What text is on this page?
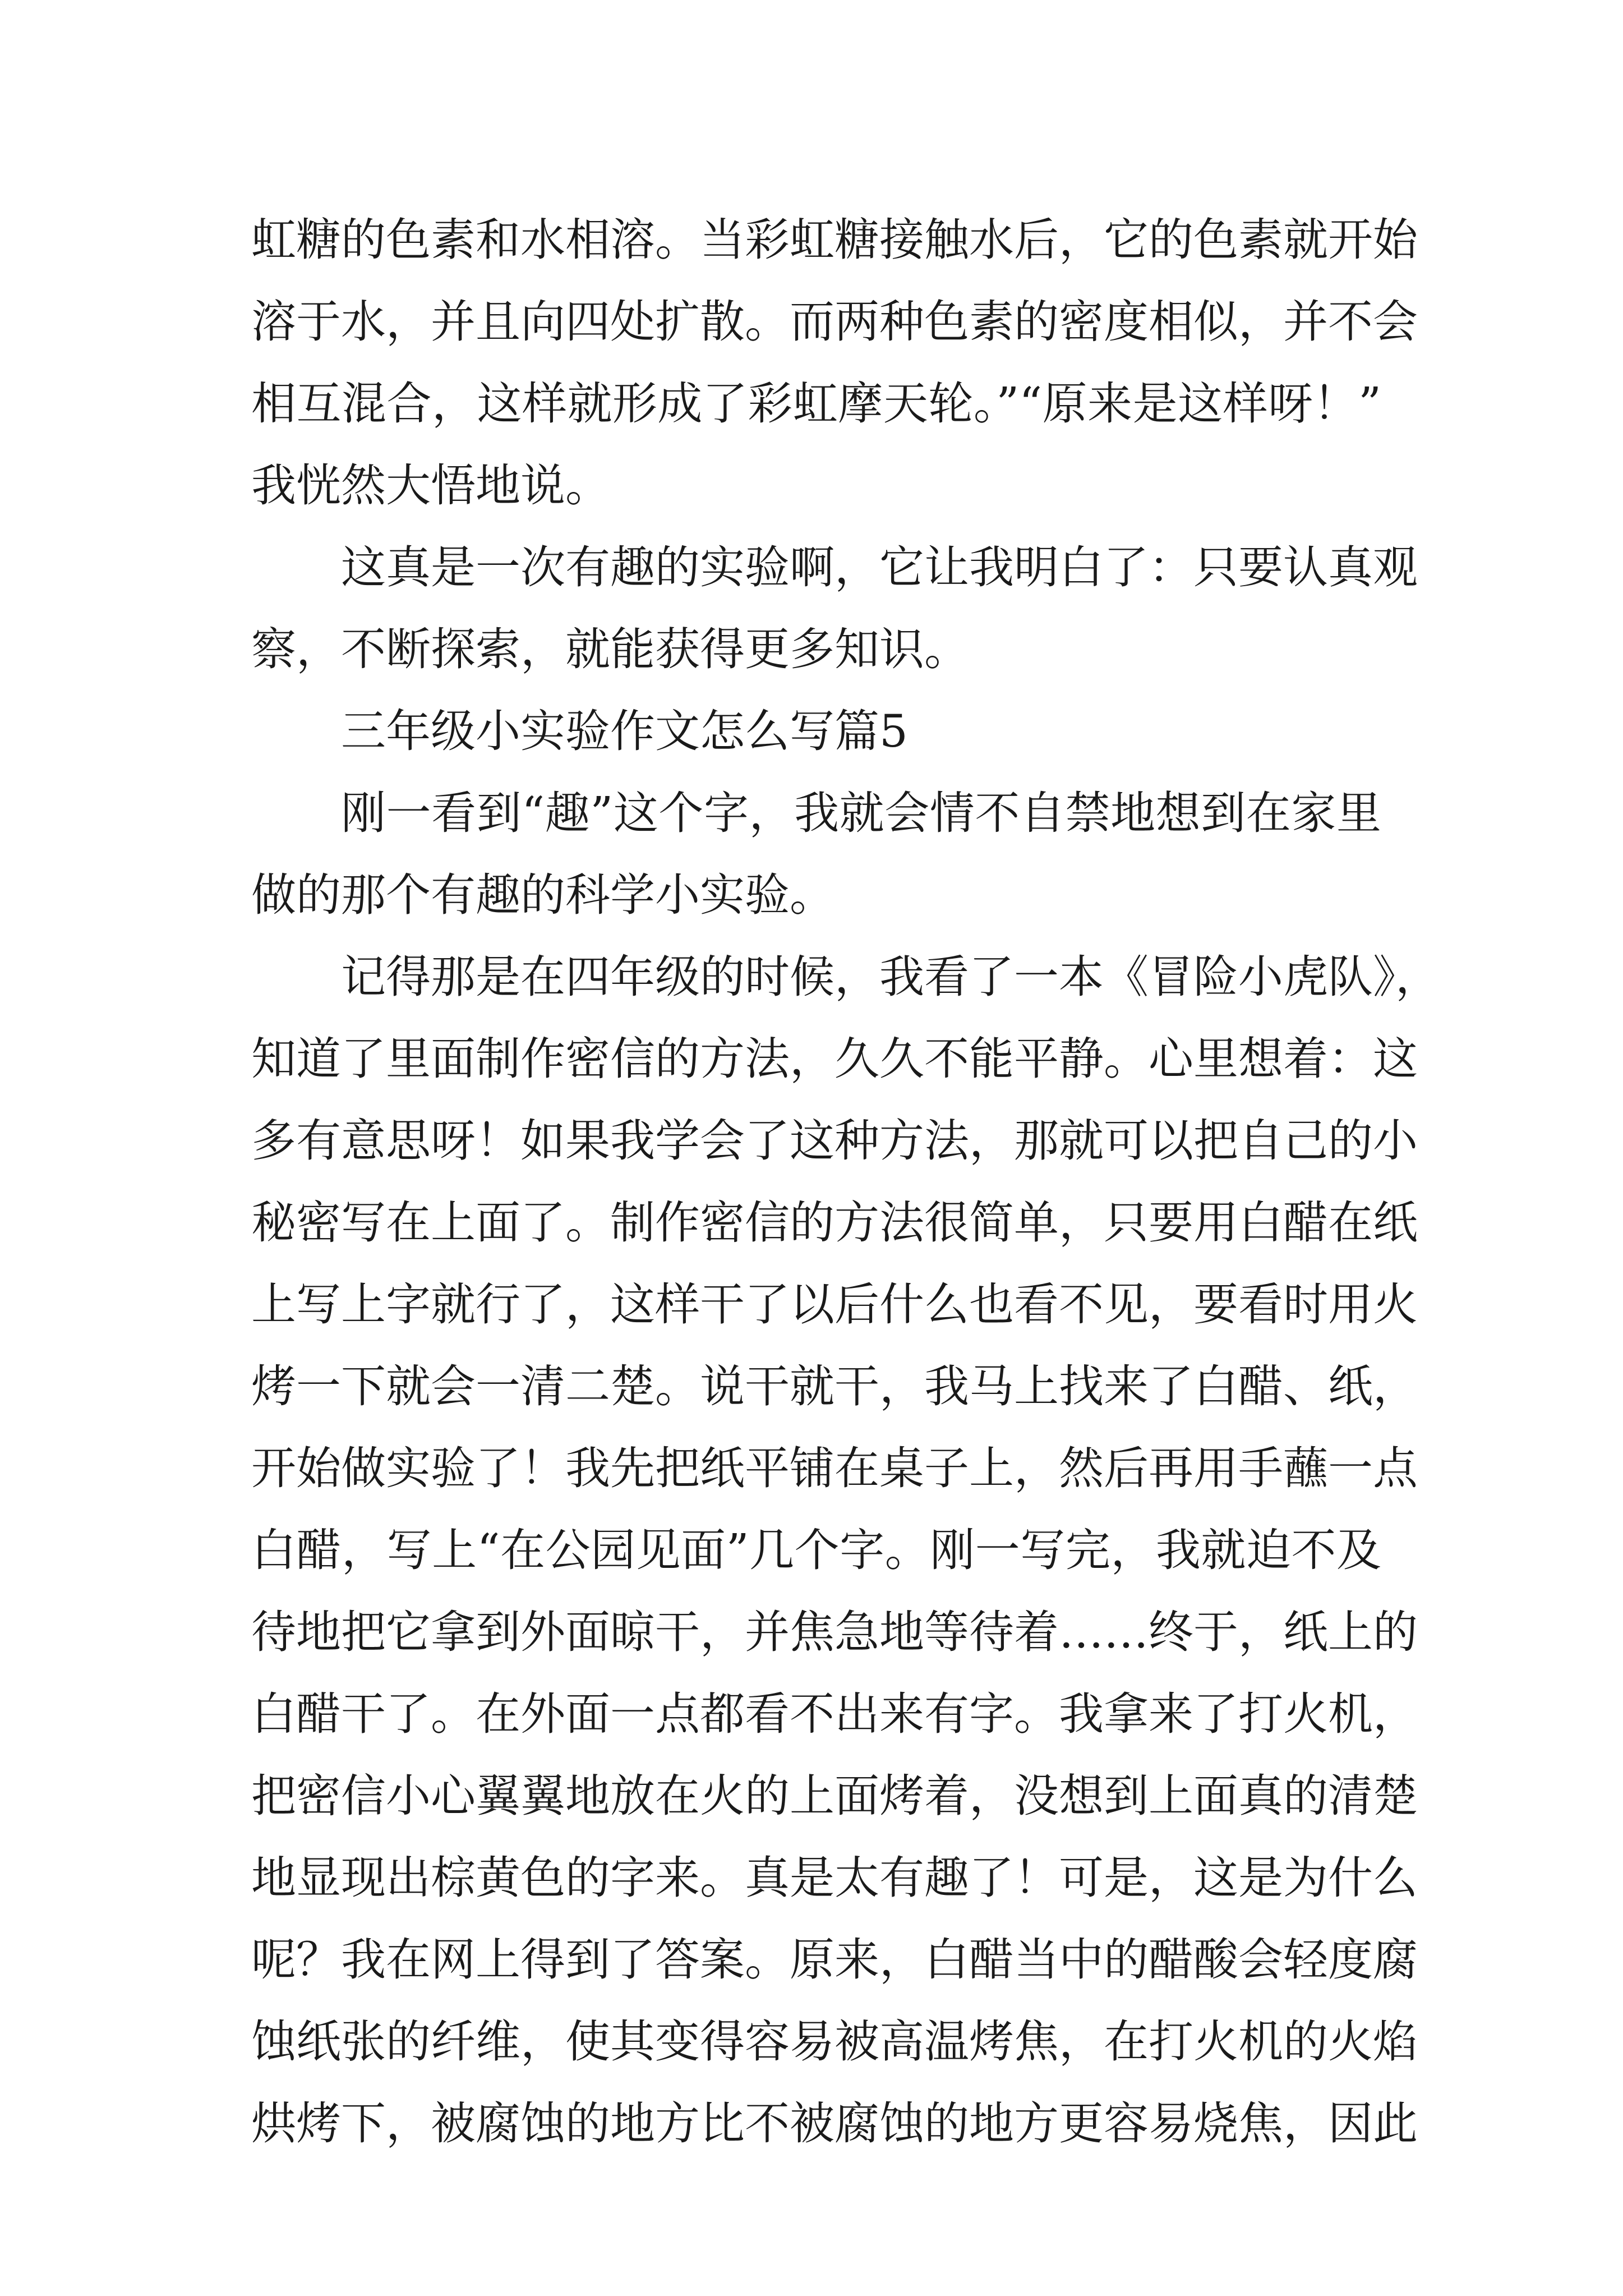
虹糖的色素和水相溶。当彩虹糖接触水后，它的色素就开始
溶于水，并且向四处扩散。而两种色素的密度相似，并不会
相互混合，这样就形成了彩虹摩天轮。”“原来是这样呀！”
我恍然大悟地说。
这真是一次有趣的实验啊，它让我明白了：只要认真观
察，不断探索，就能获得更多知识。
三年级小实验作文怎么写篇5
刚一看到“趣”这个字，我就会情不自禁地想到在家里
做的那个有趣的科学小实验。
记得那是在四年级的时候，我看了一本《冒险小虎队》，
知道了里面制作密信的方法，久久不能平静。心里想着：这
多有意思呀！如果我学会了这种方法，那就可以把自己的小
秘密写在上面了。制作密信的方法很简单，只要用白醋在纸
上写上字就行了，这样干了以后什么也看不见，要看时用火
烤一下就会一清二楚。说干就干，我马上找来了白醋、纸，
开始做实验了！我先把纸平铺在桌子上，然后再用手蘸一点
白醋，写上“在公园见面”几个字。刚一写完，我就迫不及
待地把它拿到外面晾干，并焦急地等待着……终于，纸上的
白醋干了。在外面一点都看不出来有字。我拿来了打火机，
把密信小心翼翼地放在火的上面烤着，没想到上面真的清楚
地显现出棕黄色的字来。真是太有趣了！可是，这是为什么
呢？我在网上得到了答案。原来，白醋当中的醋酸会轻度腐
蚀纸张的纤维，使其变得容易被高温烤焦，在打火机的火焰
烘烤下，被腐蚀的地方比不被腐蚀的地方更容易烧焦，因此
